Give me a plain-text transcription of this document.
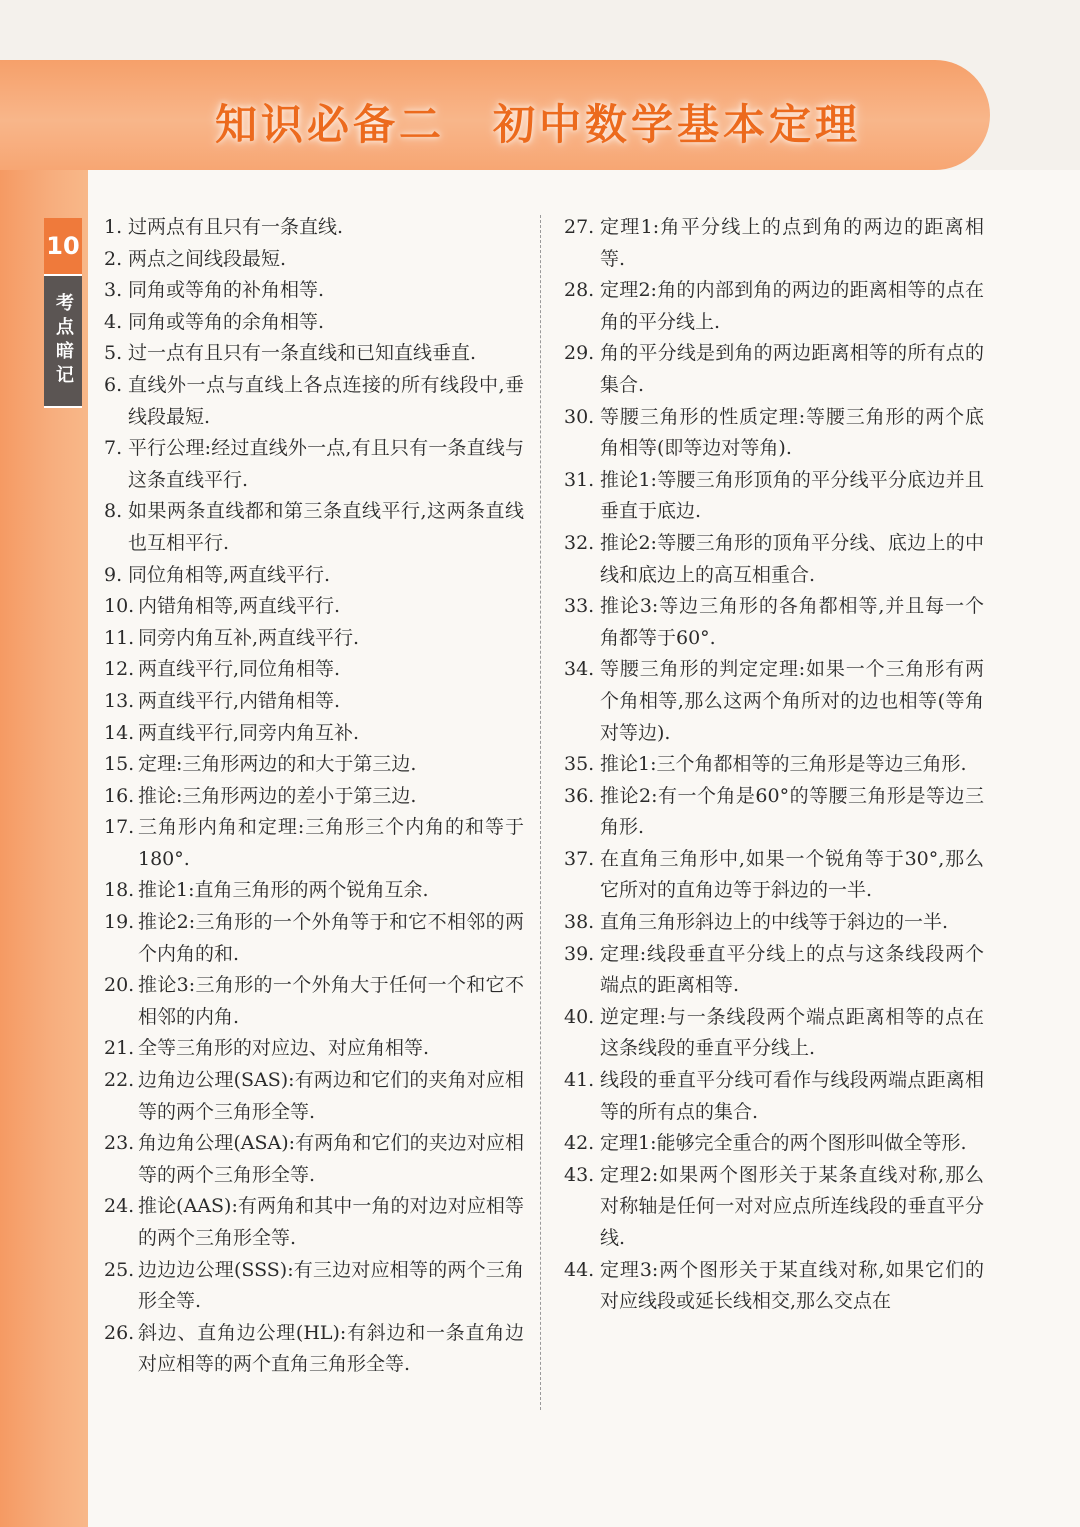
知识必备二 初中数学基本定理
10
考点暗记
1. 过两点有且只有一条直线.
2. 两点之间线段最短.
3. 同角或等角的补角相等.
4. 同角或等角的余角相等.
5. 过一点有且只有一条直线和已知直线垂直.
6. 直线外一点与直线上各点连接的所有线段中,垂线段最短.
7. 平行公理:经过直线外一点,有且只有一条直线与这条直线平行.
8. 如果两条直线都和第三条直线平行,这两条直线也互相平行.
9. 同位角相等,两直线平行.
10. 内错角相等,两直线平行.
11. 同旁内角互补,两直线平行.
12. 两直线平行,同位角相等.
13. 两直线平行,内错角相等.
14. 两直线平行,同旁内角互补.
15. 定理:三角形两边的和大于第三边.
16. 推论:三角形两边的差小于第三边.
17. 三角形内角和定理:三角形三个内角的和等于180°.
18. 推论1:直角三角形的两个锐角互余.
19. 推论2:三角形的一个外角等于和它不相邻的两个内角的和.
20. 推论3:三角形的一个外角大于任何一个和它不相邻的内角.
21. 全等三角形的对应边、对应角相等.
22. 边角边公理(SAS):有两边和它们的夹角对应相等的两个三角形全等.
23. 角边角公理(ASA):有两角和它们的夹边对应相等的两个三角形全等.
24. 推论(AAS):有两角和其中一角的对边对应相等的两个三角形全等.
25. 边边边公理(SSS):有三边对应相等的两个三角形全等.
26. 斜边、直角边公理(HL):有斜边和一条直角边对应相等的两个直角三角形全等.
27. 定理1:角平分线上的点到角的两边的距离相等.
28. 定理2:角的内部到角的两边的距离相等的点在角的平分线上.
29. 角的平分线是到角的两边距离相等的所有点的集合.
30. 等腰三角形的性质定理:等腰三角形的两个底角相等(即等边对等角).
31. 推论1:等腰三角形顶角的平分线平分底边并且垂直于底边.
32. 推论2:等腰三角形的顶角平分线、底边上的中线和底边上的高互相重合.
33. 推论3:等边三角形的各角都相等,并且每一个角都等于60°.
34. 等腰三角形的判定定理:如果一个三角形有两个角相等,那么这两个角所对的边也相等(等角对等边).
35. 推论1:三个角都相等的三角形是等边三角形.
36. 推论2:有一个角是60°的等腰三角形是等边三角形.
37. 在直角三角形中,如果一个锐角等于30°,那么它所对的直角边等于斜边的一半.
38. 直角三角形斜边上的中线等于斜边的一半.
39. 定理:线段垂直平分线上的点与这条线段两个端点的距离相等.
40. 逆定理:与一条线段两个端点距离相等的点在这条线段的垂直平分线上.
41. 线段的垂直平分线可看作与线段两端点距离相等的所有点的集合.
42. 定理1:能够完全重合的两个图形叫做全等形.
43. 定理2:如果两个图形关于某条直线对称,那么对称轴是任何一对对应点所连线段的垂直平分线.
44. 定理3:两个图形关于某直线对称,如果它们的对应线段或延长线相交,那么交点在
